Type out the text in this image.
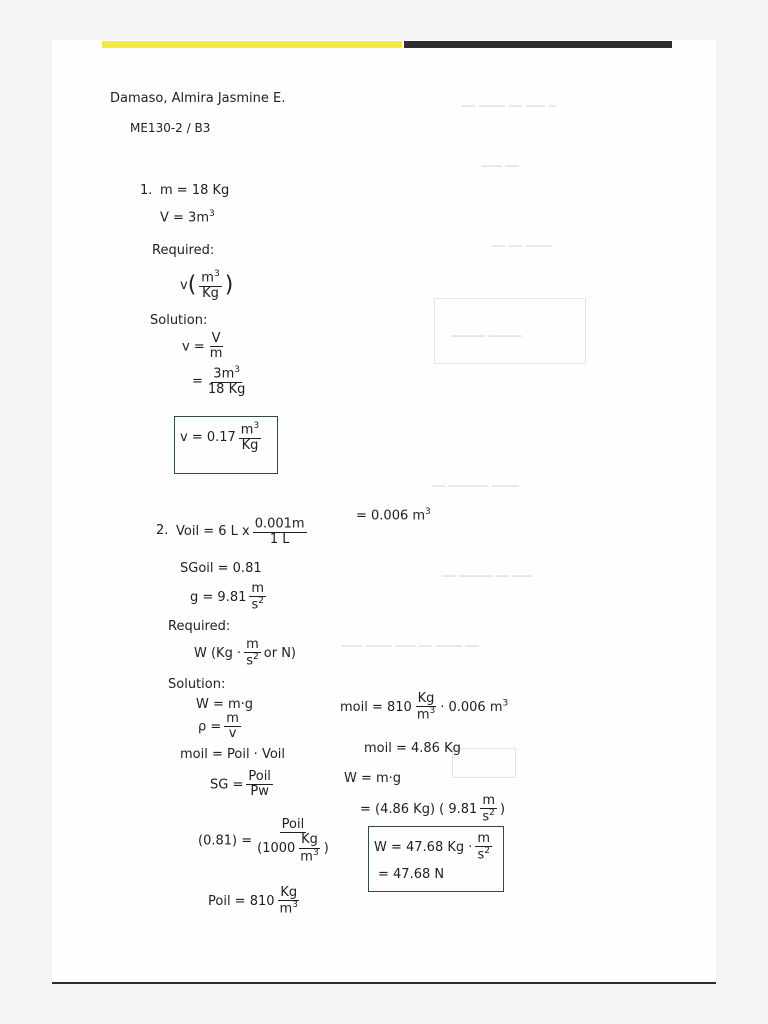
━ ━━━ ━━ ━━━━ ━━
━━ ━━━
━━━━ ━━ ━━
━━━━━ ━━━━━
━━━━ ━━━━━━ ━━
━━━ ━━ ━━━━━ ━━
━━ ━━━━ ━━ ━━━ ━━━━ ━━━
Damaso, Almira Jasmine E.
ME130-2 / B3
1. m = 18 Kg
$V = 3m^3$
Required:
$v( \frac{m^3}{Kg}$ )
Solution:
$v = \frac{V}{m}$
= $\frac{3m^3}{18 Kg}$
$v = 0.17 \frac{m^3}{Kg}$
2. Voil = 6 L x $\frac{0.001m}{1 L}$
= 0.006 $m^3$
SGoil = 0.81
$g = 9.81 \frac{m}{s^2}$
Required:
W ($Kg \cdot \frac{m}{s^2}$ or N)
Solution:
W = m·g
$\rho = \frac{m}{v}$
moil = Poil · Voil
SG = $\frac{\text{Poil}}{Pw}$
$(0.81) = \frac{\text{Poil}}{(1000 \frac{Kg}{m^3} )}$
Poil = $810 \frac{Kg}{m^3}$
moil = $810 \frac{Kg}{m^3} \cdot 0.006$ $m^3$
moil = 4.86 Kg
W = m·g
= (4.86 Kg) ( $9.81 \frac{m}{s^2}$ )
W = 47.68 $Kg \cdot \frac{m}{s^2}$
= 47.68 N
